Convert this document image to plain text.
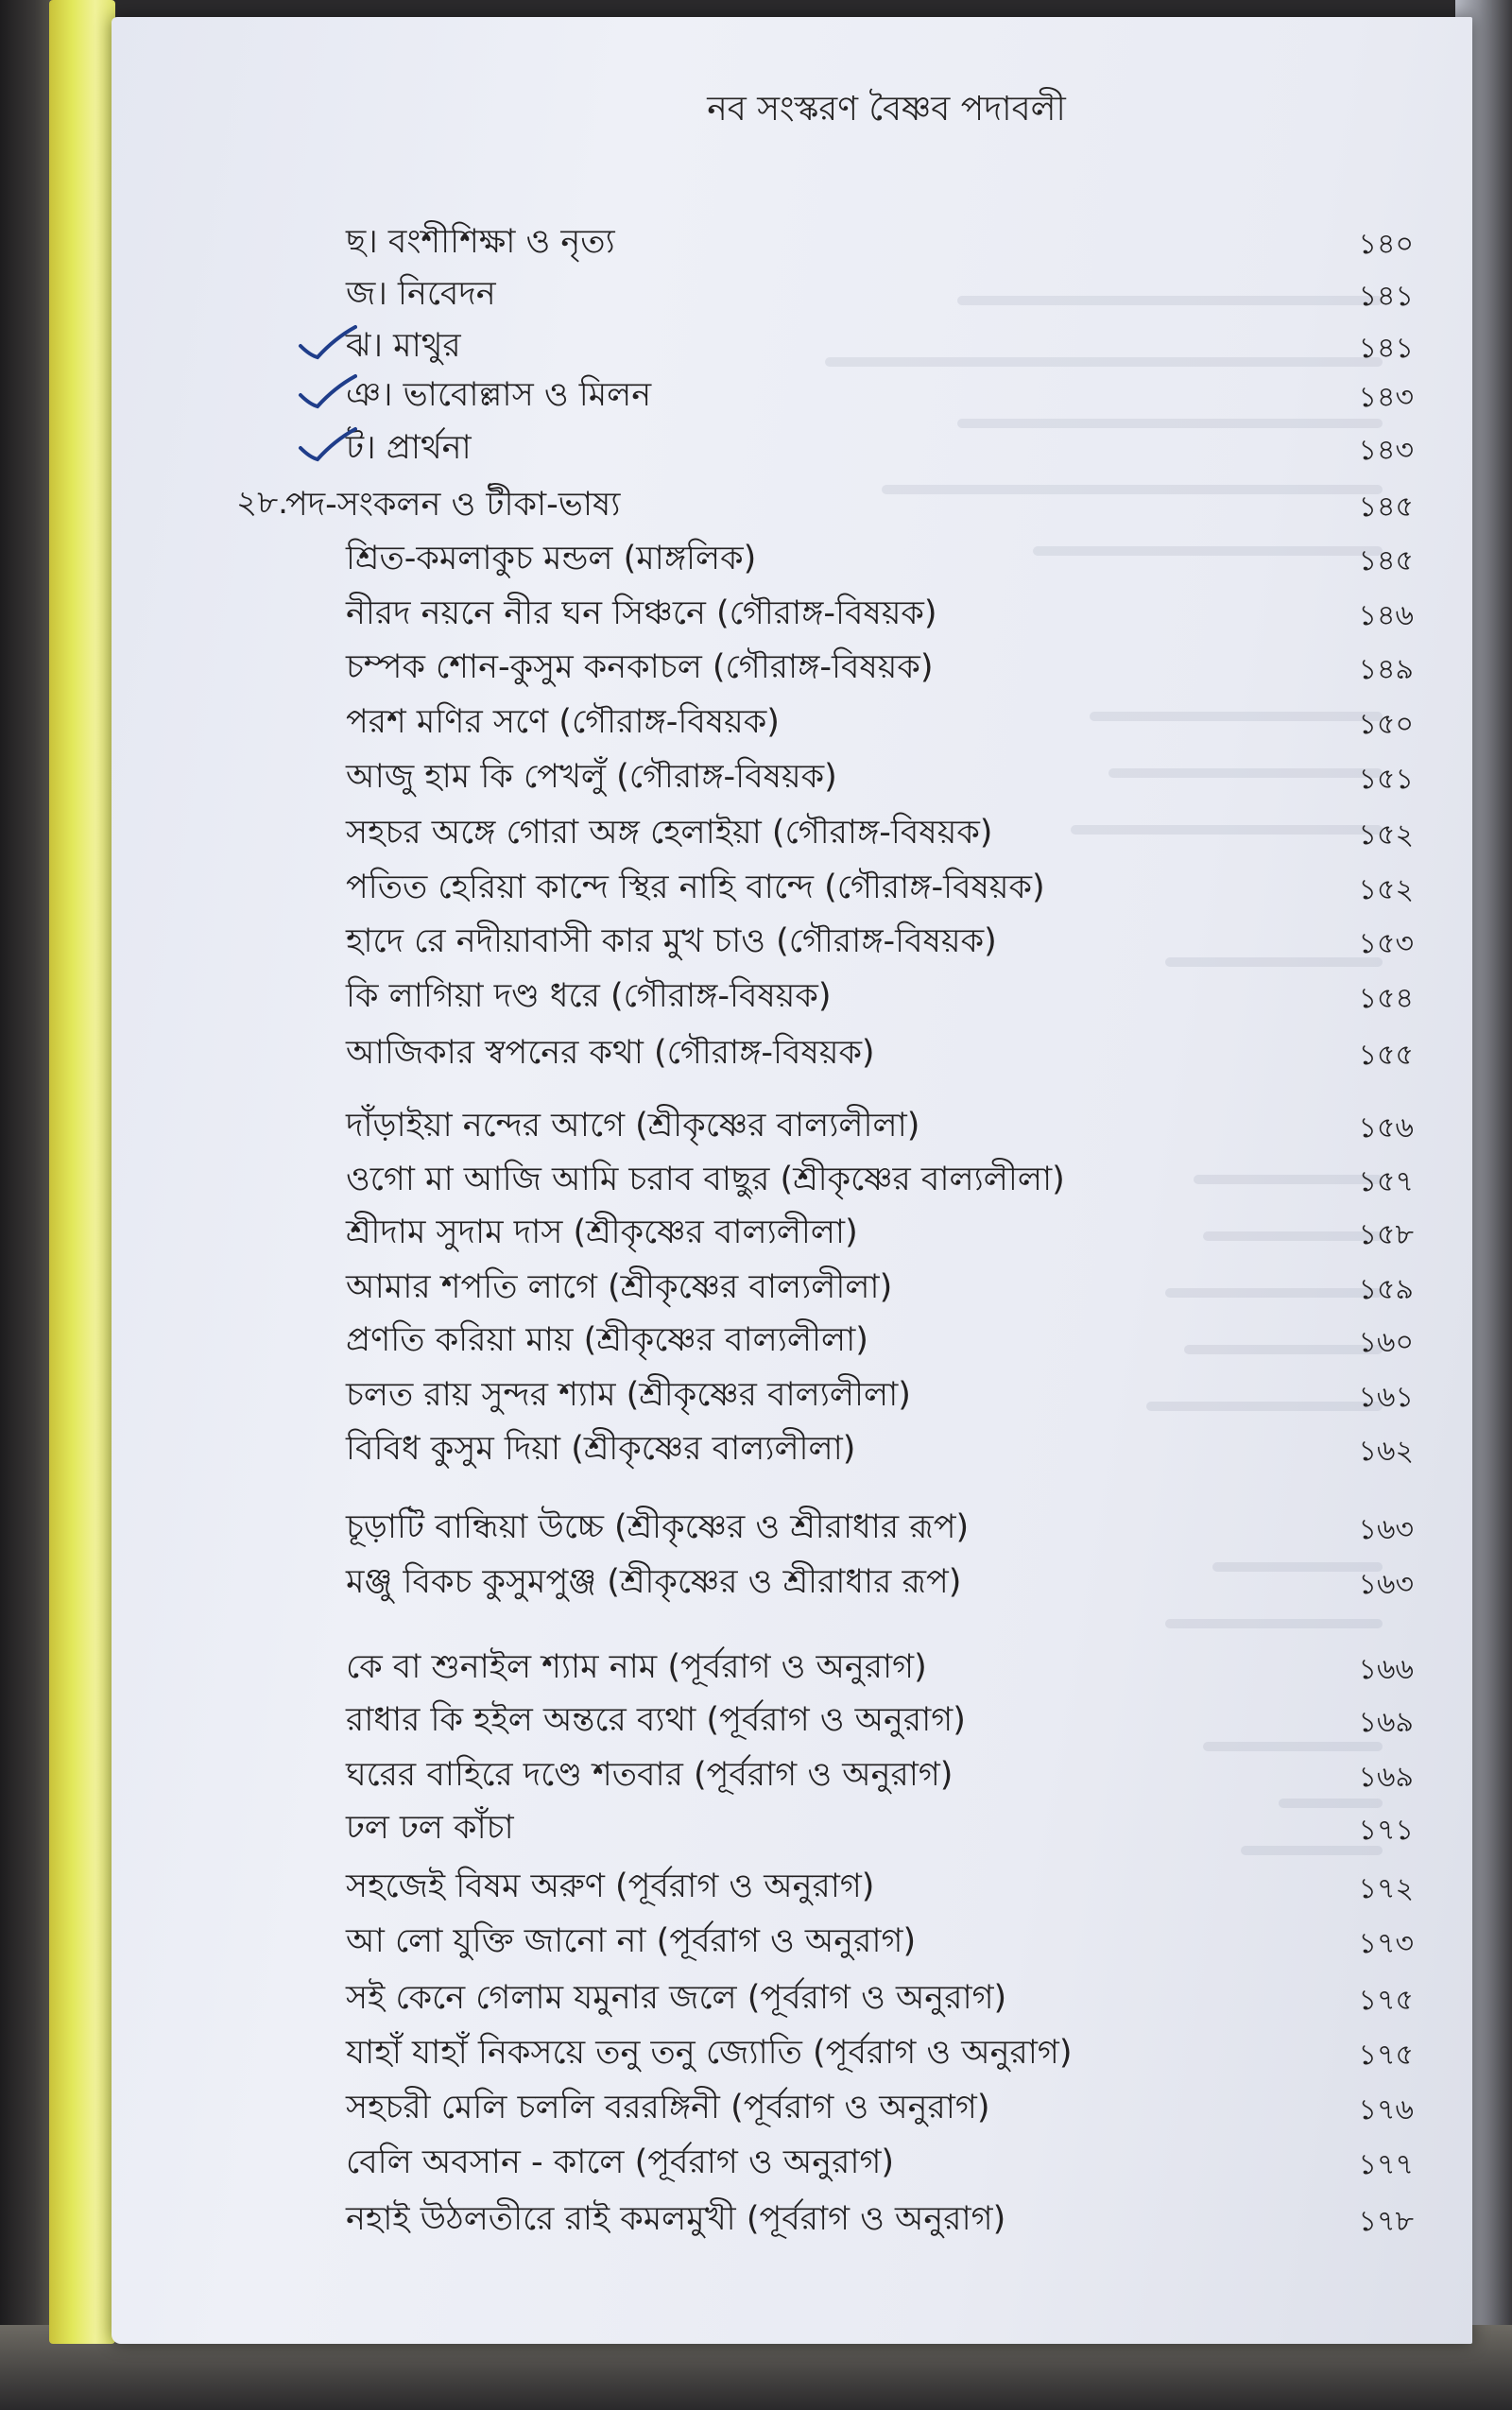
নব সংস্করণ বৈষ্ণব পদাবলী
ছ। বংশীশিক্ষা ও নৃত্য	১৪০
জ। নিবেদন	১৪১
ঝ। মাথুর	১৪১
ঞ। ভাবোল্লাস ও মিলন	১৪৩
ট। প্রার্থনা	১৪৩
২৮.
পদ-সংকলন ও টীকা-ভাষ্য	১৪৫
শ্রিত-কমলাকুচ মন্ডল (মাঙ্গলিক)	১৪৫
নীরদ নয়নে নীর ঘন সিঞ্চনে (গৌরাঙ্গ-বিষয়ক)	১৪৬
চম্পক শোন-কুসুম কনকাচল (গৌরাঙ্গ-বিষয়ক)	১৪৯
পরশ মণির সণে (গৌরাঙ্গ-বিষয়ক)	১৫০
আজু হাম কি পেখলুঁ (গৌরাঙ্গ-বিষয়ক)	১৫১
সহচর অঙ্গে গোরা অঙ্গ হেলাইয়া (গৌরাঙ্গ-বিষয়ক)	১৫২
পতিত হেরিয়া কান্দে স্থির নাহি বান্দে (গৌরাঙ্গ-বিষয়ক)	১৫২
হাদে রে নদীয়াবাসী কার মুখ চাও (গৌরাঙ্গ-বিষয়ক)	১৫৩
কি লাগিয়া দণ্ড ধরে (গৌরাঙ্গ-বিষয়ক)	১৫৪
আজিকার স্বপনের কথা (গৌরাঙ্গ-বিষয়ক)	১৫৫
দাঁড়াইয়া নন্দের আগে (শ্রীকৃষ্ণের বাল্যলীলা)	১৫৬
ওগো মা আজি আমি চরাব বাছুর (শ্রীকৃষ্ণের বাল্যলীলা)	১৫৭
শ্রীদাম সুদাম দাস (শ্রীকৃষ্ণের বাল্যলীলা)	১৫৮
আমার শপতি লাগে (শ্রীকৃষ্ণের বাল্যলীলা)	১৫৯
প্রণতি করিয়া মায় (শ্রীকৃষ্ণের বাল্যলীলা)	১৬০
চলত রায় সুন্দর শ্যাম (শ্রীকৃষ্ণের বাল্যলীলা)	১৬১
বিবিধ কুসুম দিয়া (শ্রীকৃষ্ণের বাল্যলীলা)	১৬২
চূড়াটি বান্ধিয়া উচ্চে (শ্রীকৃষ্ণের ও শ্রীরাধার রূপ)	১৬৩
মঞ্জু বিকচ কুসুমপুঞ্জ (শ্রীকৃষ্ণের ও শ্রীরাধার রূপ)	১৬৩
কে বা শুনাইল শ্যাম নাম (পূর্বরাগ ও অনুরাগ)	১৬৬
রাধার কি হইল অন্তরে ব্যথা (পূর্বরাগ ও অনুরাগ)	১৬৯
ঘরের বাহিরে দণ্ডে শতবার (পূর্বরাগ ও অনুরাগ)	১৬৯
ঢল ঢল কাঁচা	১৭১
সহজেই বিষম অরুণ (পূর্বরাগ ও অনুরাগ)	১৭২
আ লো যুক্তি জানো না (পূর্বরাগ ও অনুরাগ)	১৭৩
সই কেনে গেলাম যমুনার জলে (পূর্বরাগ ও অনুরাগ)	১৭৫
যাহাঁ যাহাঁ নিকসয়ে তনু তনু জ্যোতি (পূর্বরাগ ও অনুরাগ)	১৭৫
সহচরী মেলি চললি বররঙ্গিনী (পূর্বরাগ ও অনুরাগ)	১৭৬
বেলি অবসান - কালে (পূর্বরাগ ও অনুরাগ)	১৭৭
নহাই উঠলতীরে রাই কমলমুখী (পূর্বরাগ ও অনুরাগ)	১৭৮
